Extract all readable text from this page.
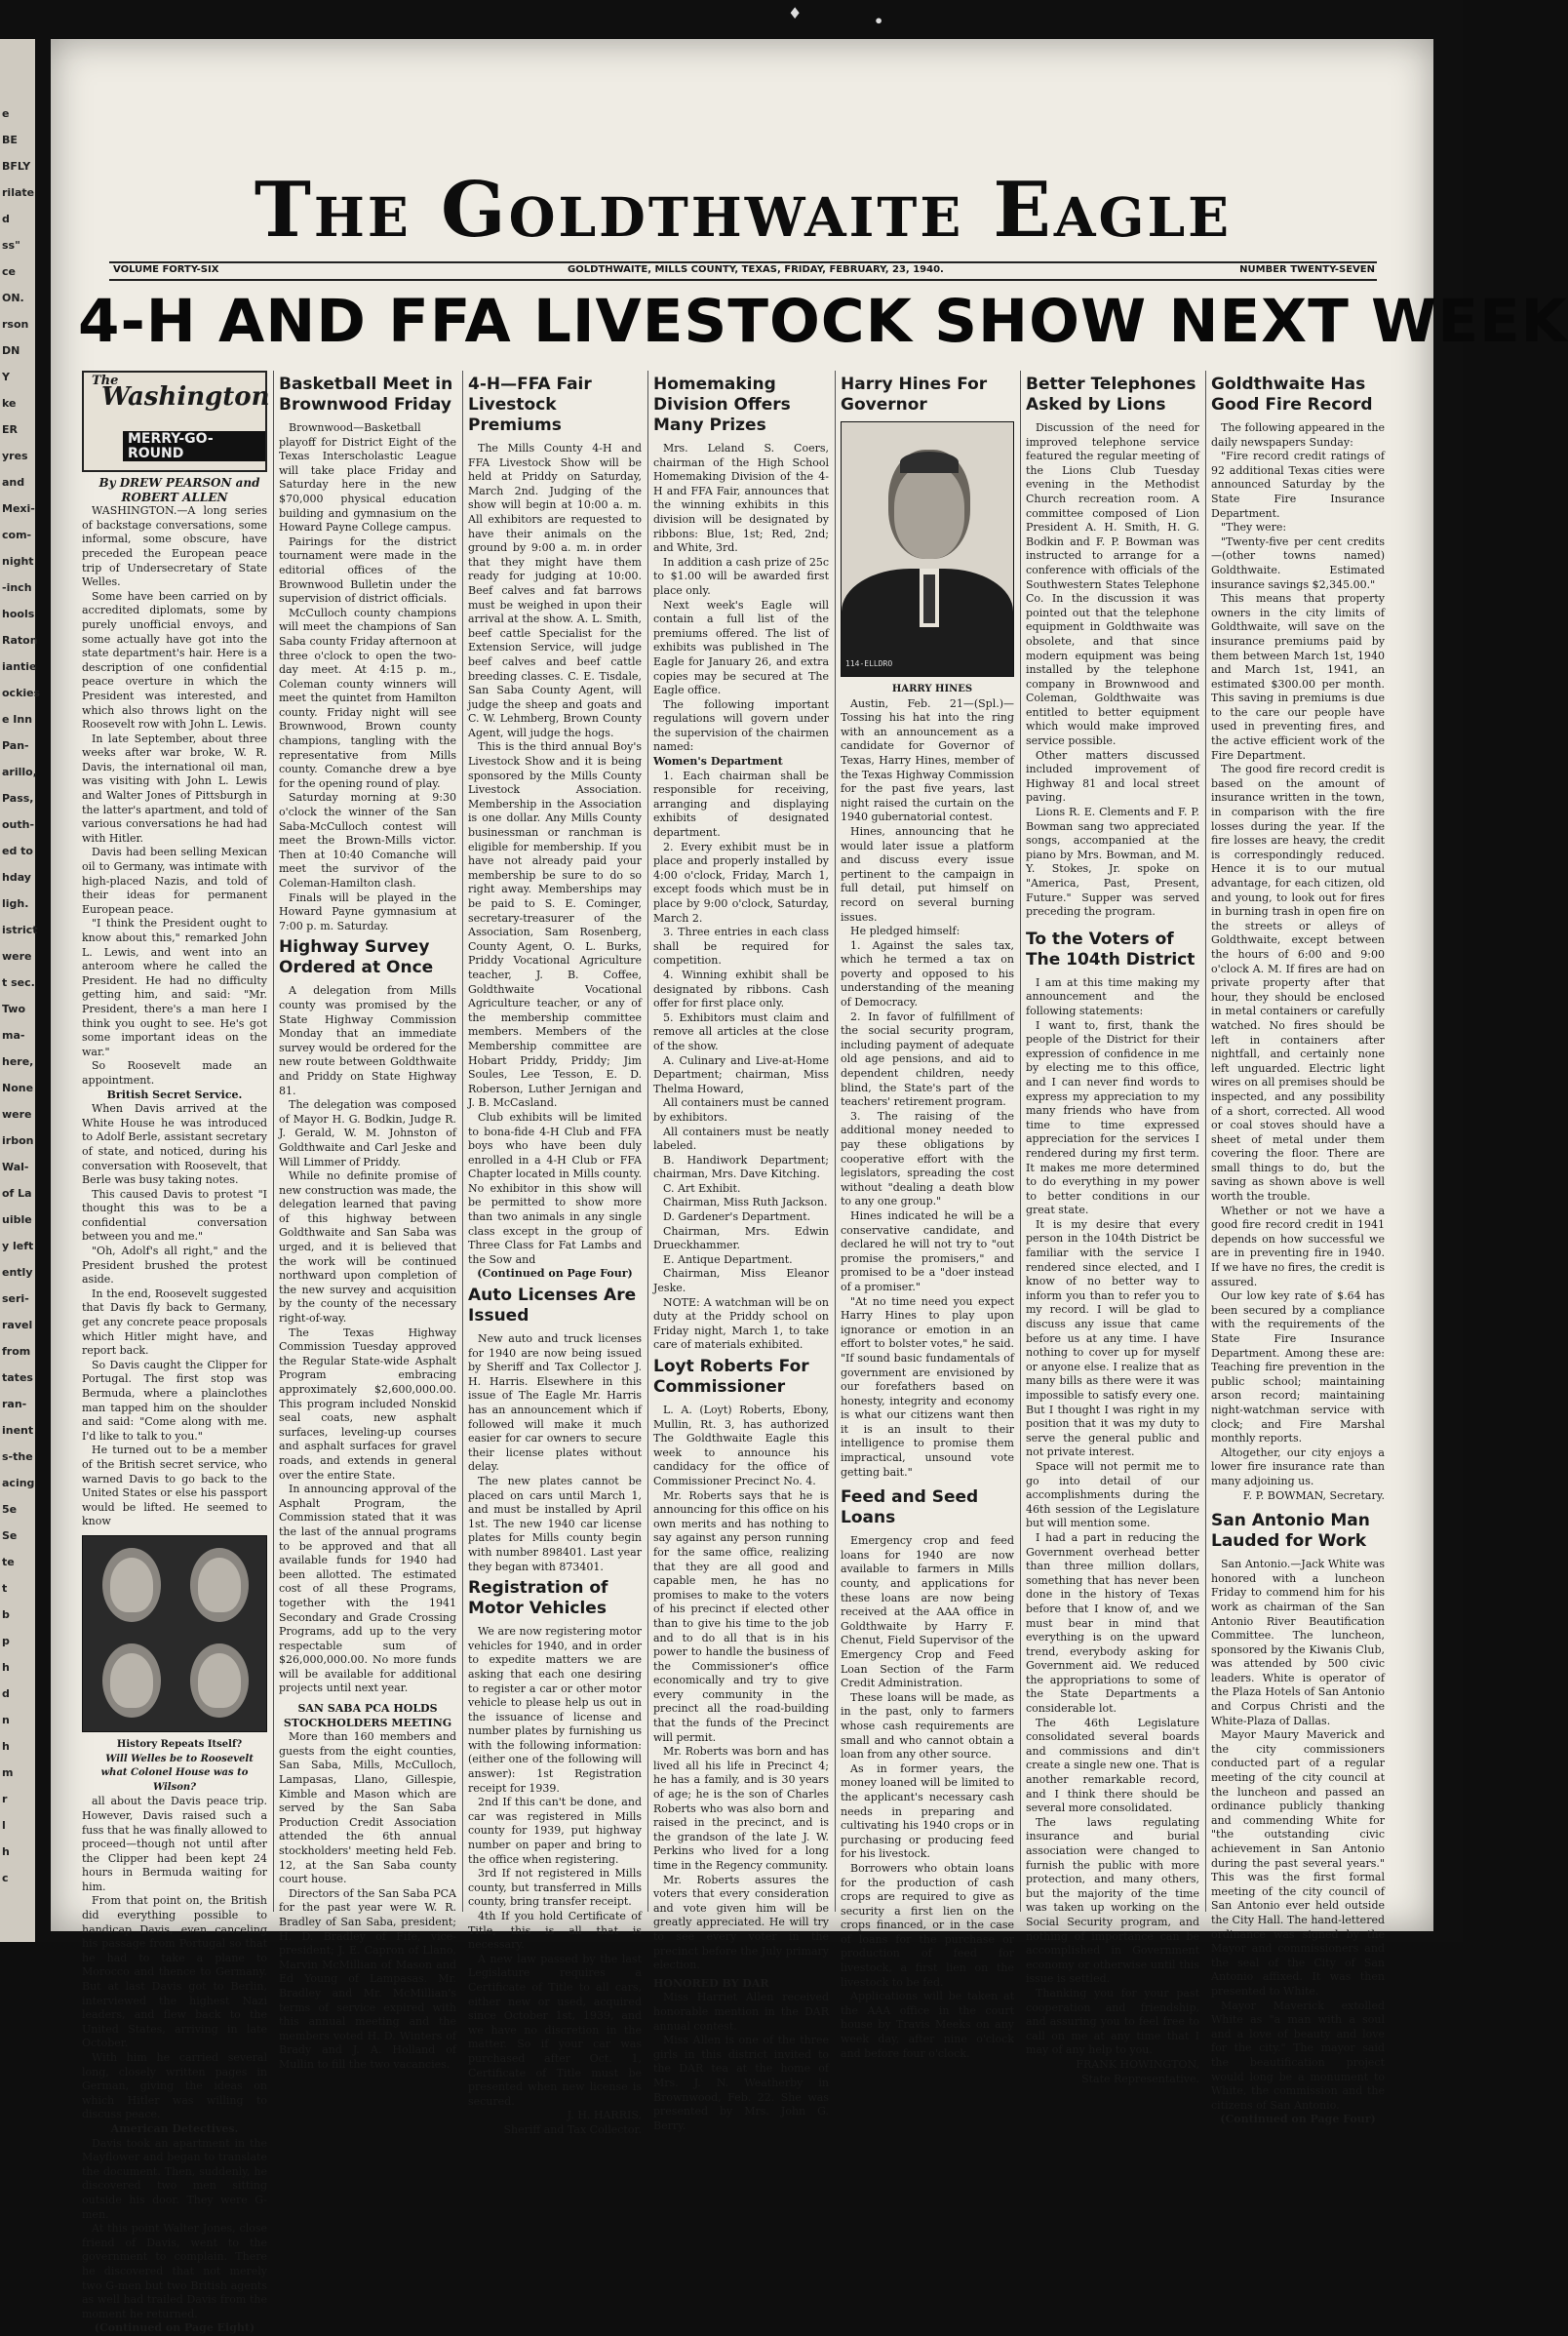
e
BE
BFLY
rilate
d
ss"
ce
ON.
rson
DN
Y
ke
ER
yres
and
Mexi-
com-
night
-inch
hools
Raton
iantie
ockies
e Inn
Pan-
arillo,
Pass,
outh-
ed to
hday
ligh.
istrict
were
t sec.
Two
ma-
here,
None
were
irbon
Wal-
of La
uible
y left
ently
seri-
ravel
from
tates
ran-
inent
s-the
acing
5e
Se
te
t
b
p
h
d
n
h
m
r
l
h
c
♦	•
The Goldthwaite Eagle
VOLUME FORTY-SIX	GOLDTHWAITE, MILLS COUNTY, TEXAS, FRIDAY, FEBRUARY, 23, 1940.	NUMBER TWENTY-SEVEN
4-H AND FFA LIVESTOCK SHOW NEXT WEEK
The
Washington
MERRY-GO-ROUND

By DREW PEARSON and ROBERT ALLEN

WASHINGTON.—A long series of backstage conversations, some informal, some obscure, have preceded the European peace trip of Undersecretary of State Welles.

Some have been carried on by accredited diplomats, some by purely unofficial envoys, and some actually have got into the state department's hair. Here is a description of one confidential peace overture in which the President was interested, and which also throws light on the Roosevelt row with John L. Lewis.

In late September, about three weeks after war broke, W. R. Davis, the international oil man, was visiting with John L. Lewis and Walter Jones of Pittsburgh in the latter's apartment, and told of various conversations he had had with Hitler.

Davis had been selling Mexican oil to Germany, was intimate with high-placed Nazis, and told of their ideas for permanent European peace.

"I think the President ought to know about this," remarked John L. Lewis, and went into an anteroom where he called the President. He had no difficulty getting him, and said: "Mr. President, there's a man here I think you ought to see. He's got some important ideas on the war."

So Roosevelt made an appointment.

British Secret Service.

When Davis arrived at the White House he was introduced to Adolf Berle, assistant secretary of state, and noticed, during his conversation with Roosevelt, that Berle was busy taking notes.

This caused Davis to protest "I thought this was to be a confidential conversation between you and me."

"Oh, Adolf's all right," and the President brushed the protest aside.

In the end, Roosevelt suggested that Davis fly back to Germany, get any concrete peace proposals which Hitler might have, and report back.

So Davis caught the Clipper for Portugal. The first stop was Bermuda, where a plainclothes man tapped him on the shoulder and said: "Come along with me. I'd like to talk to you."

He turned out to be a member of the British secret service, who warned Davis to go back to the United States or else his passport would be lifted. He seemed to know

History Repeats Itself?

Will Welles be to Roosevelt what Colonel House was to Wilson?

all about the Davis peace trip. However, Davis raised such a fuss that he was finally allowed to proceed—though not until after the Clipper had been kept 24 hours in Bermuda waiting for him.

From that point on, the British did everything possible to handicap Davis, even canceling his passage from Portugal so that he had to take a plane to Morocco and thence to Germany. But at last Davis got to Berlin, interviewed the highest Nazi leaders, and flew back to the United States, arriving in late October.

With him he carried several long, closely written pages in German, giving the ideas on which Hitler was willing to discuss peace.

American Detectives.

Davis took an apartment in the Mayflower and began to translate the document. Then, suddenly, he discovered two men sitting outside his door. They were G-men.

At this point Walter Jones, close friend of Davis, went to the government to complain. There he discovered that not merely two G-men but two British agents as well had trailed Davis from the moment he returned.

(Continued on Page Eight)

Basketball Meet in Brownwood Friday

Brownwood—Basketball playoff for District Eight of the Texas Interscholastic League will take place Friday and Saturday here in the new $70,000 physical education building and gymnasium on the Howard Payne College campus.

Pairings for the district tournament were made in the editorial offices of the Brownwood Bulletin under the supervision of district officials.

McCulloch county champions will meet the champions of San Saba county Friday afternoon at three o'clock to open the two-day meet. At 4:15 p. m., Coleman county winners will meet the quintet from Hamilton county. Friday night will see Brownwood, Brown county champions, tangling with the representative from Mills county. Comanche drew a bye for the opening round of play.

Saturday morning at 9:30 o'clock the winner of the San Saba-McCulloch contest will meet the Brown-Mills victor. Then at 10:40 Comanche will meet the survivor of the Coleman-Hamilton clash.

Finals will be played in the Howard Payne gymnasium at 7:00 p. m. Saturday.

Highway Survey Ordered at Once

A delegation from Mills county was promised by the State Highway Commission Monday that an immediate survey would be ordered for the new route between Goldthwaite and Priddy on State Highway 81.

The delegation was composed of Mayor H. G. Bodkin, Judge R. J. Gerald, W. M. Johnston of Goldthwaite and Carl Jeske and Will Limmer of Priddy.

While no definite promise of new construction was made, the delegation learned that paving of this highway between Goldthwaite and San Saba was urged, and it is believed that the work will be continued northward upon completion of the new survey and acquisition by the county of the necessary right-of-way.

The Texas Highway Commission Tuesday approved the Regular State-wide Asphalt Program embracing approximately $2,600,000.00. This program included Nonskid seal coats, new asphalt surfaces, leveling-up courses and asphalt surfaces for gravel roads, and extends in general over the entire State.

In announcing approval of the Asphalt Program, the Commission stated that it was the last of the annual programs to be approved and that all available funds for 1940 had been allotted. The estimated cost of all these Programs, together with the 1941 Secondary and Grade Crossing Programs, add up to the very respectable sum of $26,000,000.00. No more funds will be available for additional projects until next year.

SAN SABA PCA HOLDS STOCKHOLDERS MEETING

More than 160 members and guests from the eight counties, San Saba, Mills, McCulloch, Lampasas, Llano, Gillespie, Kimble and Mason which are served by the San Saba Production Credit Association attended the 6th annual stockholders' meeting held Feb. 12, at the San Saba county court house.

Directors of the San Saba PCA for the past year were W. R. Bradley of San Saba, president; H. D. Bradley of Fife, vice-president; J. E. Capron of Llano, Marvin McMillian of Mason and Ed Young of Lampasas. Mr. Bradley and Mr. McMillian's terms of service expired with this annual meeting and the members voted H. D. Winters of Brady and J. A. Holland of Mullin to fill the two vacancies.

4-H—FFA Fair Livestock Premiums

The Mills County 4-H and FFA Livestock Show will be held at Priddy on Saturday, March 2nd. Judging of the show will begin at 10:00 a. m. All exhibitors are requested to have their animals on the ground by 9:00 a. m. in order that they might have them ready for judging at 10:00. Beef calves and fat barrows must be weighed in upon their arrival at the show. A. L. Smith, beef cattle Specialist for the Extension Service, will judge beef calves and beef cattle breeding classes. C. E. Tisdale, San Saba County Agent, will judge the sheep and goats and C. W. Lehmberg, Brown County Agent, will judge the hogs.

This is the third annual Boy's Livestock Show and it is being sponsored by the Mills County Livestock Association. Membership in the Association is one dollar. Any Mills County businessman or ranchman is eligible for membership. If you have not already paid your membership be sure to do so right away. Memberships may be paid to S. E. Cominger, secretary-treasurer of the Association, Sam Rosenberg, County Agent, O. L. Burks, Priddy Vocational Agriculture teacher, J. B. Coffee, Goldthwaite Vocational Agriculture teacher, or any of the membership committee members. Members of the Membership committee are Hobart Priddy, Priddy; Jim Soules, Lee Tesson, E. D. Roberson, Luther Jernigan and J. B. McCasland.

Club exhibits will be limited to bona-fide 4-H Club and FFA boys who have been duly enrolled in a 4-H Club or FFA Chapter located in Mills county. No exhibitor in this show will be permitted to show more than two animals in any single class except in the group of Three Class for Fat Lambs and the Sow and

(Continued on Page Four)

Auto Licenses Are Issued

New auto and truck licenses for 1940 are now being issued by Sheriff and Tax Collector J. H. Harris. Elsewhere in this issue of The Eagle Mr. Harris has an announcement which if followed will make it much easier for car owners to secure their license plates without delay.

The new plates cannot be placed on cars until March 1, and must be installed by April 1st. The new 1940 car license plates for Mills county begin with number 898401. Last year they began with 873401.

Registration of Motor Vehicles

We are now registering motor vehicles for 1940, and in order to expedite matters we are asking that each one desiring to register a car or other motor vehicle to please help us out in the issuance of license and number plates by furnishing us with the following information: (either one of the following will answer): 1st Registration receipt for 1939.

2nd If this can't be done, and car was registered in Mills county for 1939, put highway number on paper and bring to the office when registering.

3rd If not registered in Mills county, but transferred in Mills county, bring transfer receipt.

4th If you hold Certificate of Title, this is all that is necessary.

A new law passed by the last Legislature requires a Certificate of Title to all cars, either new or used, acquired since October 1st, 1939, and we have no discretion in the matter. So if your car was purchased after Oct. 1, Certificate of Title must be presented when new license is secured.

J. H. HARRIS,

Sheriff and Tax Collector.

Homemaking Division Offers Many Prizes

Mrs. Leland S. Coers, chairman of the High School Homemaking Division of the 4-H and FFA Fair, announces that the winning exhibits in this division will be designated by ribbons: Blue, 1st; Red, 2nd; and White, 3rd.

In addition a cash prize of 25c to $1.00 will be awarded first place only.

Next week's Eagle will contain a full list of the premiums offered. The list of exhibits was published in The Eagle for January 26, and extra copies may be secured at The Eagle office.

The following important regulations will govern under the supervision of the chairmen named:

Women's Department

1. Each chairman shall be responsible for receiving, arranging and displaying exhibits of designated department.

2. Every exhibit must be in place and properly installed by 4:00 o'clock, Friday, March 1, except foods which must be in place by 9:00 o'clock, Saturday, March 2.

3. Three entries in each class shall be required for competition.

4. Winning exhibit shall be designated by ribbons. Cash offer for first place only.

5. Exhibitors must claim and remove all articles at the close of the show.

A. Culinary and Live-at-Home Department; chairman, Miss Thelma Howard,

All containers must be canned by exhibitors.

All containers must be neatly labeled.

B. Handiwork Department; chairman, Mrs. Dave Kitching.

C. Art Exhibit.

Chairman, Miss Ruth Jackson.

D. Gardener's Department.

Chairman, Mrs. Edwin Drueckhammer.

E. Antique Department.

Chairman, Miss Eleanor Jeske.

NOTE: A watchman will be on duty at the Priddy school on Friday night, March 1, to take care of materials exhibited.

Loyt Roberts For Commissioner

L. A. (Loyt) Roberts, Ebony, Mullin, Rt. 3, has authorized The Goldthwaite Eagle this week to announce his candidacy for the office of Commissioner Precinct No. 4.

Mr. Roberts says that he is announcing for this office on his own merits and has nothing to say against any person running for the same office, realizing that they are all good and capable men, he has no promises to make to the voters of his precinct if elected other than to give his time to the job and to do all that is in his power to handle the business of the Commissioner's office economically and try to give every community in the precinct all the road-building that the funds of the Precinct will permit.

Mr. Roberts was born and has lived all his life in Precinct 4; he has a family, and is 30 years of age; he is the son of Charles Roberts who was also born and raised in the precinct, and is the grandson of the late J. W. Perkins who lived for a long time in the Regency community.

Mr. Roberts assures the voters that every consideration and vote given him will be greatly appreciated. He will try to see every voter in the precinct before the July primary election.

HONORED BY DAR

Miss Harriet Allen received honorable mention in the DAR annual contest.

Miss Allen is one of the three girls in this district invited to the DAR tea at the home of Mrs. J. N. Weatherby in Brownwood, Feb. 22. She was presented by Mrs. John G. Berry.

Harry Hines For Governor
114-ELLDRO

HARRY HINES

Austin, Feb. 21—(Spl.)—Tossing his hat into the ring with an announcement as a candidate for Governor of Texas, Harry Hines, member of the Texas Highway Commission for the past five years, last night raised the curtain on the 1940 gubernatorial contest.

Hines, announcing that he would later issue a platform and discuss every issue pertinent to the campaign in full detail, put himself on record on several burning issues.

He pledged himself:

1. Against the sales tax, which he termed a tax on poverty and opposed to his understanding of the meaning of Democracy.

2. In favor of fulfillment of the social security program, including payment of adequate old age pensions, and aid to dependent children, needy blind, the State's part of the teachers' retirement program.

3. The raising of the additional money needed to pay these obligations by cooperative effort with the legislators, spreading the cost without "dealing a death blow to any one group."

Hines indicated he will be a conservative candidate, and declared he will not try to "out promise the promisers," and promised to be a "doer instead of a promiser."

"At no time need you expect Harry Hines to play upon ignorance or emotion in an effort to bolster votes," he said. "If sound basic fundamentals of government are envisioned by our forefathers based on honesty, integrity and economy is what our citizens want then it is an insult to their intelligence to promise them impractical, unsound vote getting bait."

Feed and Seed Loans

Emergency crop and feed loans for 1940 are now available to farmers in Mills county, and applications for these loans are now being received at the AAA office in Goldthwaite by Harry F. Chenut, Field Supervisor of the Emergency Crop and Feed Loan Section of the Farm Credit Administration.

These loans will be made, as in the past, only to farmers whose cash requirements are small and who cannot obtain a loan from any other source.

As in former years, the money loaned will be limited to the applicant's necessary cash needs in preparing and cultivating his 1940 crops or in purchasing or producing feed for his livestock.

Borrowers who obtain loans for the production of cash crops are required to give as security a first lien on the crops financed, or in the case of loans for the purchase or production of feed for livestock, a first lien on the livestock to be fed.

Applications will be taken at the AAA office in the court house by Travis Meeks on any week day, after nine o'clock and before four o'clock.

Better Telephones Asked by Lions

Discussion of the need for improved telephone service featured the regular meeting of the Lions Club Tuesday evening in the Methodist Church recreation room. A committee composed of Lion President A. H. Smith, H. G. Bodkin and F. P. Bowman was instructed to arrange for a conference with officials of the Southwestern States Telephone Co. In the discussion it was pointed out that the telephone equipment in Goldthwaite was obsolete, and that since modern equipment was being installed by the telephone company in Brownwood and Coleman, Goldthwaite was entitled to better equipment which would make improved service possible.

Other matters discussed included improvement of Highway 81 and local street paving.

Lions R. E. Clements and F. P. Bowman sang two appreciated songs, accompanied at the piano by Mrs. Bowman, and M. Y. Stokes, Jr. spoke on "America, Past, Present, Future." Supper was served preceding the program.

To the Voters of The 104th District

I am at this time making my announcement and the following statements:

I want to, first, thank the people of the District for their expression of confidence in me by electing me to this office, and I can never find words to express my appreciation to my many friends who have from time to time expressed appreciation for the services I rendered during my first term. It makes me more determined to do everything in my power to better conditions in our great state.

It is my desire that every person in the 104th District be familiar with the service I rendered since elected, and I know of no better way to inform you than to refer you to my record. I will be glad to discuss any issue that came before us at any time. I have nothing to cover up for myself or anyone else. I realize that as many bills as there were it was impossible to satisfy every one. But I thought I was right in my position that it was my duty to serve the general public and not private interest.

Space will not permit me to go into detail of our accomplishments during the 46th session of the Legislature but will mention some.

I had a part in reducing the Government overhead better than three million dollars, something that has never been done in the history of Texas before that I know of, and we must bear in mind that everything is on the upward trend, everybody asking for Government aid. We reduced the appropriations to some of the State Departments a considerable lot.

The 46th Legislature consolidated several boards and commissions and din't create a single new one. That is another remarkable record, and I think there should be several more consolidated.

The laws regulating insurance and burial association were changed to furnish the public with more protection, and many others, but the majority of the time was taken up working on the Social Security program, and nothing of importance can be accomplished in Government economy or otherwise until this issue is settled.

Thanking you for your past cooperation and friendship, and assuring you to feel free to call on me at any time that I may of any help to you.

FRANK HOWINGTON,

State Representative.

Goldthwaite Has Good Fire Record

The following appeared in the daily newspapers Sunday:

"Fire record credit ratings of 92 additional Texas cities were announced Saturday by the State Fire Insurance Department.

"They were:

"Twenty-five per cent credits—(other towns named) Goldthwaite. Estimated insurance savings $2,345.00."

This means that property owners in the city limits of Goldthwaite, will save on the insurance premiums paid by them between March 1st, 1940 and March 1st, 1941, an estimated $300.00 per month. This saving in premiums is due to the care our people have used in preventing fires, and the active efficient work of the Fire Department.

The good fire record credit is based on the amount of insurance written in the town, in comparison with the fire losses during the year. If the fire losses are heavy, the credit is correspondingly reduced. Hence it is to our mutual advantage, for each citizen, old and young, to look out for fires in burning trash in open fire on the streets or alleys of Goldthwaite, except between the hours of 6:00 and 9:00 o'clock A. M. If fires are had on private property after that hour, they should be enclosed in metal containers or carefully watched. No fires should be left in containers after nightfall, and certainly none left unguarded. Electric light wires on all premises should be inspected, and any possibility of a short, corrected. All wood or coal stoves should have a sheet of metal under them covering the floor. There are small things to do, but the saving as shown above is well worth the trouble.

Whether or not we have a good fire record credit in 1941 depends on how successful we are in preventing fire in 1940. If we have no fires, the credit is assured.

Our low key rate of $.64 has been secured by a compliance with the requirements of the State Fire Insurance Department. Among these are: Teaching fire prevention in the public school; maintaining arson record; maintaining night-watchman service with clock; and Fire Marshal monthly reports.

Altogether, our city enjoys a lower fire insurance rate than many adjoining us.

F. P. BOWMAN, Secretary.

San Antonio Man Lauded for Work

San Antonio.—Jack White was honored with a luncheon Friday to commend him for his work as chairman of the San Antonio River Beautification Committee. The luncheon, sponsored by the Kiwanis Club, was attended by 500 civic leaders. White is operator of the Plaza Hotels of San Antonio and Corpus Christi and the White-Plaza of Dallas.

Mayor Maury Maverick and the city commissioners conducted part of a regular meeting of the city council at the luncheon and passed an ordinance publicly thanking and commending White for "the outstanding civic achievement in San Antonio during the past several years." This was the first formal meeting of the city council of San Antonio ever held outside the City Hall. The hand-lettered ordinance was signed by the Mayor and commissioners and the seal of the City of San Antonio affixed. It was then presented to White.

Mayor Maverick extolled White as "a man with a soul and a love of beauty and love for the city." The mayor said the beautification project would long be a monument to White, the commission and the citizens of San Antonio.

(Continued on Page Four)
